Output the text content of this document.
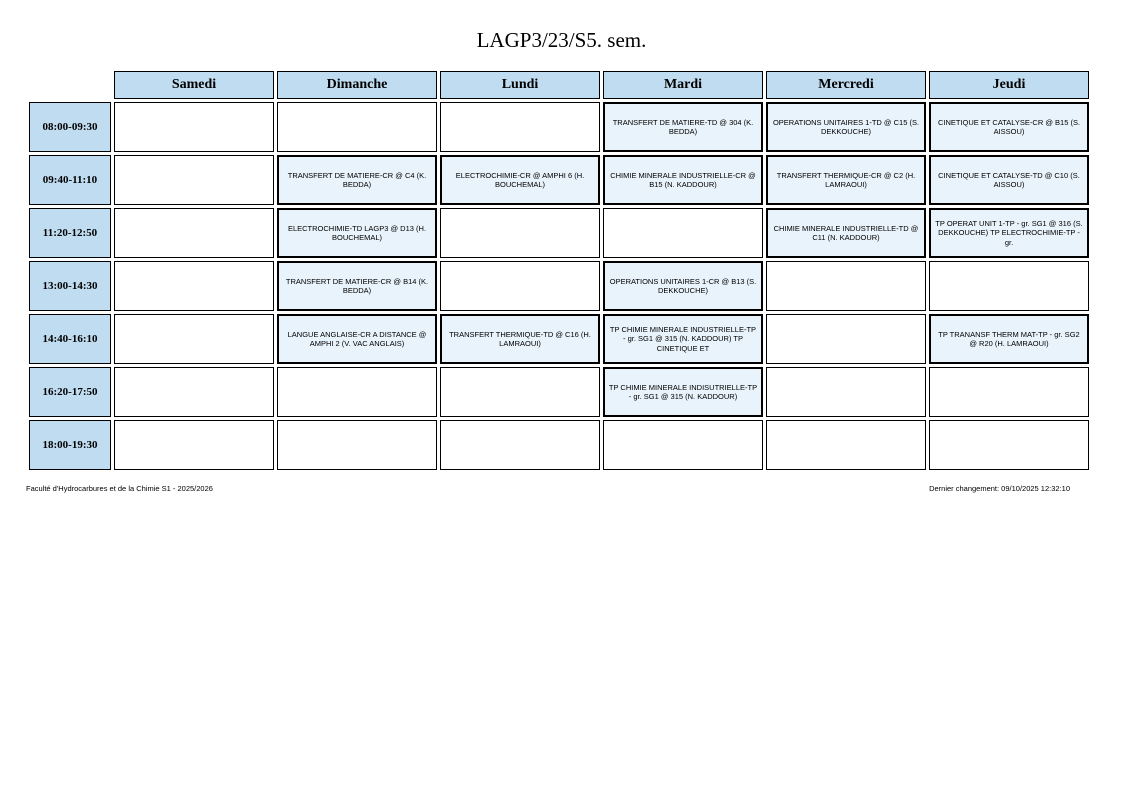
LAGP3/23/S5. sem.
	Samedi	Dimanche	Lundi	Mardi	Mercredi	Jeudi
08:00-09:30				TRANSFERT DE MATIERE-TD @ 304 (K. BEDDA)	OPERATIONS UNITAIRES 1-TD @ C15 (S. DEKKOUCHE)	CINETIQUE ET CATALYSE-CR @ B15 (S. AISSOU)

09:40-11:10		TRANSFERT DE MATIERE-CR @ C4 (K. BEDDA)	ELECTROCHIMIE-CR @ AMPHI 6 (H. BOUCHEMAL)	CHIMIE MINERALE INDUSTRIELLE-CR @ B15 (N. KADDOUR)	TRANSFERT THERMIQUE-CR @ C2 (H. LAMRAOUI)	CINETIQUE ET CATALYSE-TD @ C10 (S. AISSOU)

11:20-12:50		ELECTROCHIMIE-TD LAGP3 @ D13 (H. BOUCHEMAL)			CHIMIE MINERALE INDUSTRIELLE-TD @ C11 (N. KADDOUR)	TP OPERAT UNIT 1-TP - gr. SG1 @ 316 (S. DEKKOUCHE) TP ELECTROCHIMIE-TP - gr.

13:00-14:30		TRANSFERT DE MATIERE-CR @ B14 (K. BEDDA)		OPERATIONS UNITAIRES 1-CR @ B13 (S. DEKKOUCHE)		

14:40-16:10		LANGUE ANGLAISE-CR A DISTANCE @ AMPHI 2 (V. VAC ANGLAIS)	TRANSFERT THERMIQUE-TD @ C16 (H. LAMRAOUI)	TP CHIMIE MINERALE INDUSTRIELLE-TP - gr. SG1 @ 315 (N. KADDOUR) TP CINETIQUE ET		TP TRANANSF THERM MAT-TP - gr. SG2 @ R20 (H. LAMRAOUI)

16:20-17:50				TP CHIMIE MINERALE INDISUTRIELLE-TP - gr. SG1 @ 315 (N. KADDOUR)		

18:00-19:30	

Faculté d'Hydrocarbures et de la Chimie S1 - 2025/2026	Dernier changement: 09/10/2025 12:32:10
